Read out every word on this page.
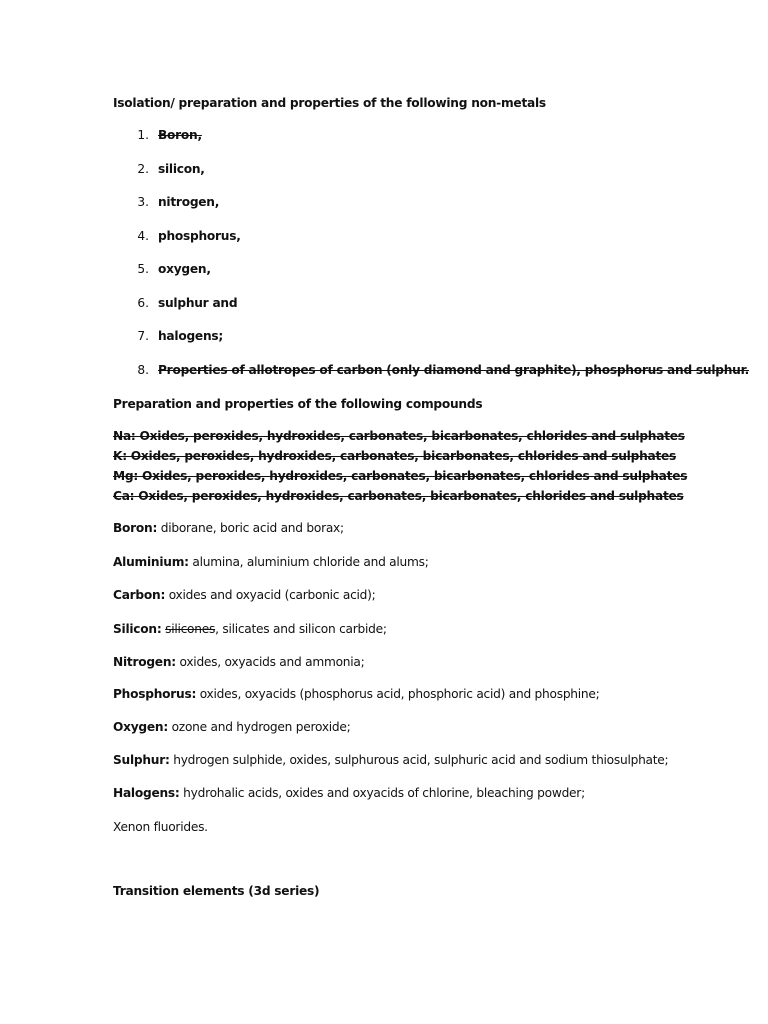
Isolation/ preparation and properties of the following non-metals
1. Boron,
2. silicon,
3. nitrogen,
4. phosphorus,
5. oxygen,
6. sulphur and
7. halogens;
8. Properties of allotropes of carbon (only diamond and graphite), phosphorus and sulphur.
Preparation and properties of the following compounds
Na: Oxides, peroxides, hydroxides, carbonates, bicarbonates, chlorides and sulphates
K: Oxides, peroxides, hydroxides, carbonates, bicarbonates, chlorides and sulphates
Mg: Oxides, peroxides, hydroxides, carbonates, bicarbonates, chlorides and sulphates
Ca: Oxides, peroxides, hydroxides, carbonates, bicarbonates, chlorides and sulphates
Boron: diborane, boric acid and borax;
Aluminium: alumina, aluminium chloride and alums;
Carbon: oxides and oxyacid (carbonic acid);
Silicon: silicones, silicates and silicon carbide;
Nitrogen: oxides, oxyacids and ammonia;
Phosphorus: oxides, oxyacids (phosphorus acid, phosphoric acid) and phosphine;
Oxygen: ozone and hydrogen peroxide;
Sulphur: hydrogen sulphide, oxides, sulphurous acid, sulphuric acid and sodium thiosulphate;
Halogens: hydrohalic acids, oxides and oxyacids of chlorine, bleaching powder;
Xenon fluorides.
Transition elements (3d series)
